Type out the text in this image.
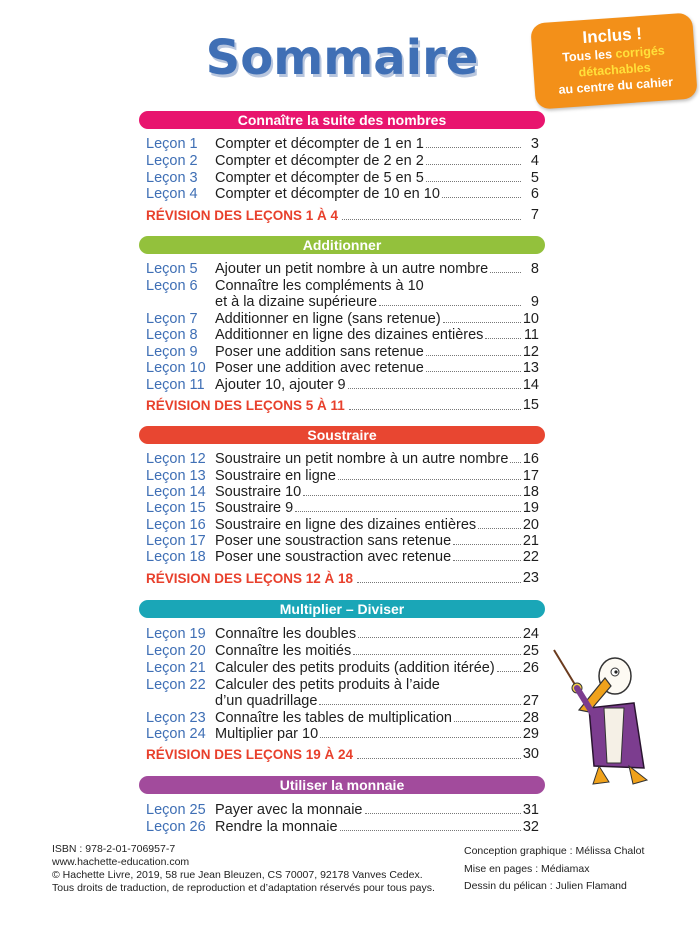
Sommaire	Inclus !
Tous les corrigés
détachables
au centre du cahier
Connaître la suite des nombres
Leçon 1 Compter et décompter de 1 en 1	3
Leçon 2 Compter et décompter de 2 en 2	4
Leçon 3 Compter et décompter de 5 en 5	5
Leçon 4 Compter et décompter de 10 en 10	6
RÉVISION DES LEÇONS 1 À 4	7
Additionner
Leçon 5 Ajouter un petit nombre à un autre nombre	8
Leçon 6 Connaître les compléments à 10
et à la dizaine supérieure	9
Leçon 7 Additionner en ligne (sans retenue)	10
Leçon 8 Additionner en ligne des dizaines entières	11
Leçon 9 Poser une addition sans retenue	12
Leçon 10 Poser une addition avec retenue	13
Leçon 11 Ajouter 10, ajouter 9	14
RÉVISION DES LEÇONS 5 À 11	15
Soustraire
Leçon 12 Soustraire un petit nombre à un autre nombre 16
Leçon 13 Soustraire en ligne	17
Leçon 14 Soustraire 10	18
Leçon 15 Soustraire 9	19
Leçon 16 Soustraire en ligne des dizaines entières	20
Leçon 17 Poser une soustraction sans retenue	21
Leçon 18 Poser une soustraction avec retenue	22
RÉVISION DES LEÇONS 12 À 18	23
Multiplier – Diviser
Leçon 19 Connaître les doubles	24
Leçon 20 Connaître les moitiés	25
Leçon 21 Calculer des petits produits (addition itérée) 26
Leçon 22 Calculer des petits produits à l’aide
d’un quadrillage	27
Leçon 23 Connaître les tables de multiplication	28
Leçon 24 Multiplier par 10	29
RÉVISION DES LEÇONS 19 À 24	30
Utiliser la monnaie
Leçon 25 Payer avec la monnaie	31
Leçon 26 Rendre la monnaie	32
ISBN : 978-2-01-706957-7
www.hachette-education.com
© Hachette Livre, 2019, 58 rue Jean Bleuzen, CS 70007, 92178 Vanves Cedex.
Tous droits de traduction, de reproduction et d’adaptation réservés pour tous pays.
Conception graphique : Mélissa Chalot
Mise en pages : Médiamax
Dessin du pélican : Julien Flamand
